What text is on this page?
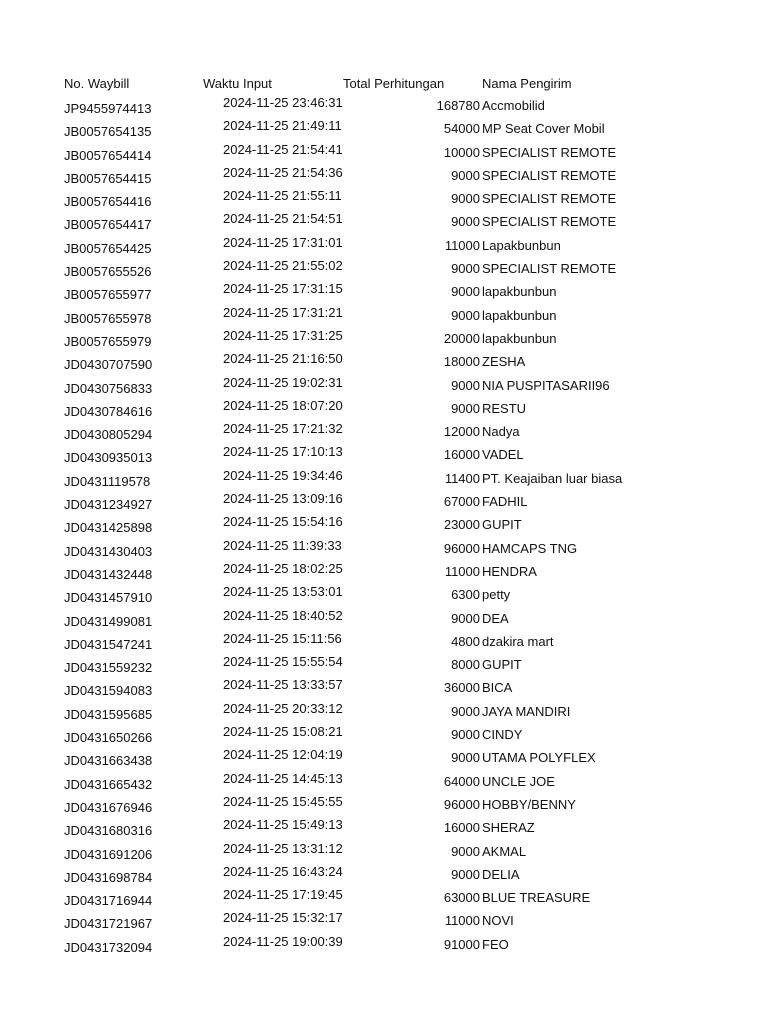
No. Waybill	Waktu Input	Total Perhitungan	Nama Pengirim
JP9455974413	2024-11-25 23:46:31	168780 Accmobilid
JB0057654135	2024-11-25 21:49:11	54000 MP Seat Cover Mobil
JB0057654414	2024-11-25 21:54:41	10000 SPECIALIST REMOTE
JB0057654415	2024-11-25 21:54:36	9000 SPECIALIST REMOTE
JB0057654416	2024-11-25 21:55:11	9000 SPECIALIST REMOTE
JB0057654417	2024-11-25 21:54:51	9000 SPECIALIST REMOTE
JB0057654425	2024-11-25 17:31:01	11000 Lapakbunbun
JB0057655526	2024-11-25 21:55:02	9000 SPECIALIST REMOTE
JB0057655977	2024-11-25 17:31:15	9000 lapakbunbun
JB0057655978	2024-11-25 17:31:21	9000 lapakbunbun
JB0057655979	2024-11-25 17:31:25	20000 lapakbunbun
JD0430707590	2024-11-25 21:16:50	18000 ZESHA
JD0430756833	2024-11-25 19:02:31	9000 NIA PUSPITASARII96
JD0430784616	2024-11-25 18:07:20	9000 RESTU
JD0430805294	2024-11-25 17:21:32	12000 Nadya
JD0430935013	2024-11-25 17:10:13	16000 VADEL
JD0431119578	2024-11-25 19:34:46	11400 PT. Keajaiban luar biasa
JD0431234927	2024-11-25 13:09:16	67000 FADHIL
JD0431425898	2024-11-25 15:54:16	23000 GUPIT
JD0431430403	2024-11-25 11:39:33	96000 HAMCAPS TNG
JD0431432448	2024-11-25 18:02:25	11000 HENDRA
JD0431457910	2024-11-25 13:53:01	6300 petty
JD0431499081	2024-11-25 18:40:52	9000 DEA
JD0431547241	2024-11-25 15:11:56	4800 dzakira mart
JD0431559232	2024-11-25 15:55:54	8000 GUPIT
JD0431594083	2024-11-25 13:33:57	36000 BICA
JD0431595685	2024-11-25 20:33:12	9000 JAYA MANDIRI
JD0431650266	2024-11-25 15:08:21	9000 CINDY
JD0431663438	2024-11-25 12:04:19	9000 UTAMA POLYFLEX
JD0431665432	2024-11-25 14:45:13	64000 UNCLE JOE
JD0431676946	2024-11-25 15:45:55	96000 HOBBY/BENNY
JD0431680316	2024-11-25 15:49:13	16000 SHERAZ
JD0431691206	2024-11-25 13:31:12	9000 AKMAL
JD0431698784	2024-11-25 16:43:24	9000 DELIA
JD0431716944	2024-11-25 17:19:45	63000 BLUE TREASURE
JD0431721967	2024-11-25 15:32:17	11000 NOVI
JD0431732094	2024-11-25 19:00:39	91000 FEO
